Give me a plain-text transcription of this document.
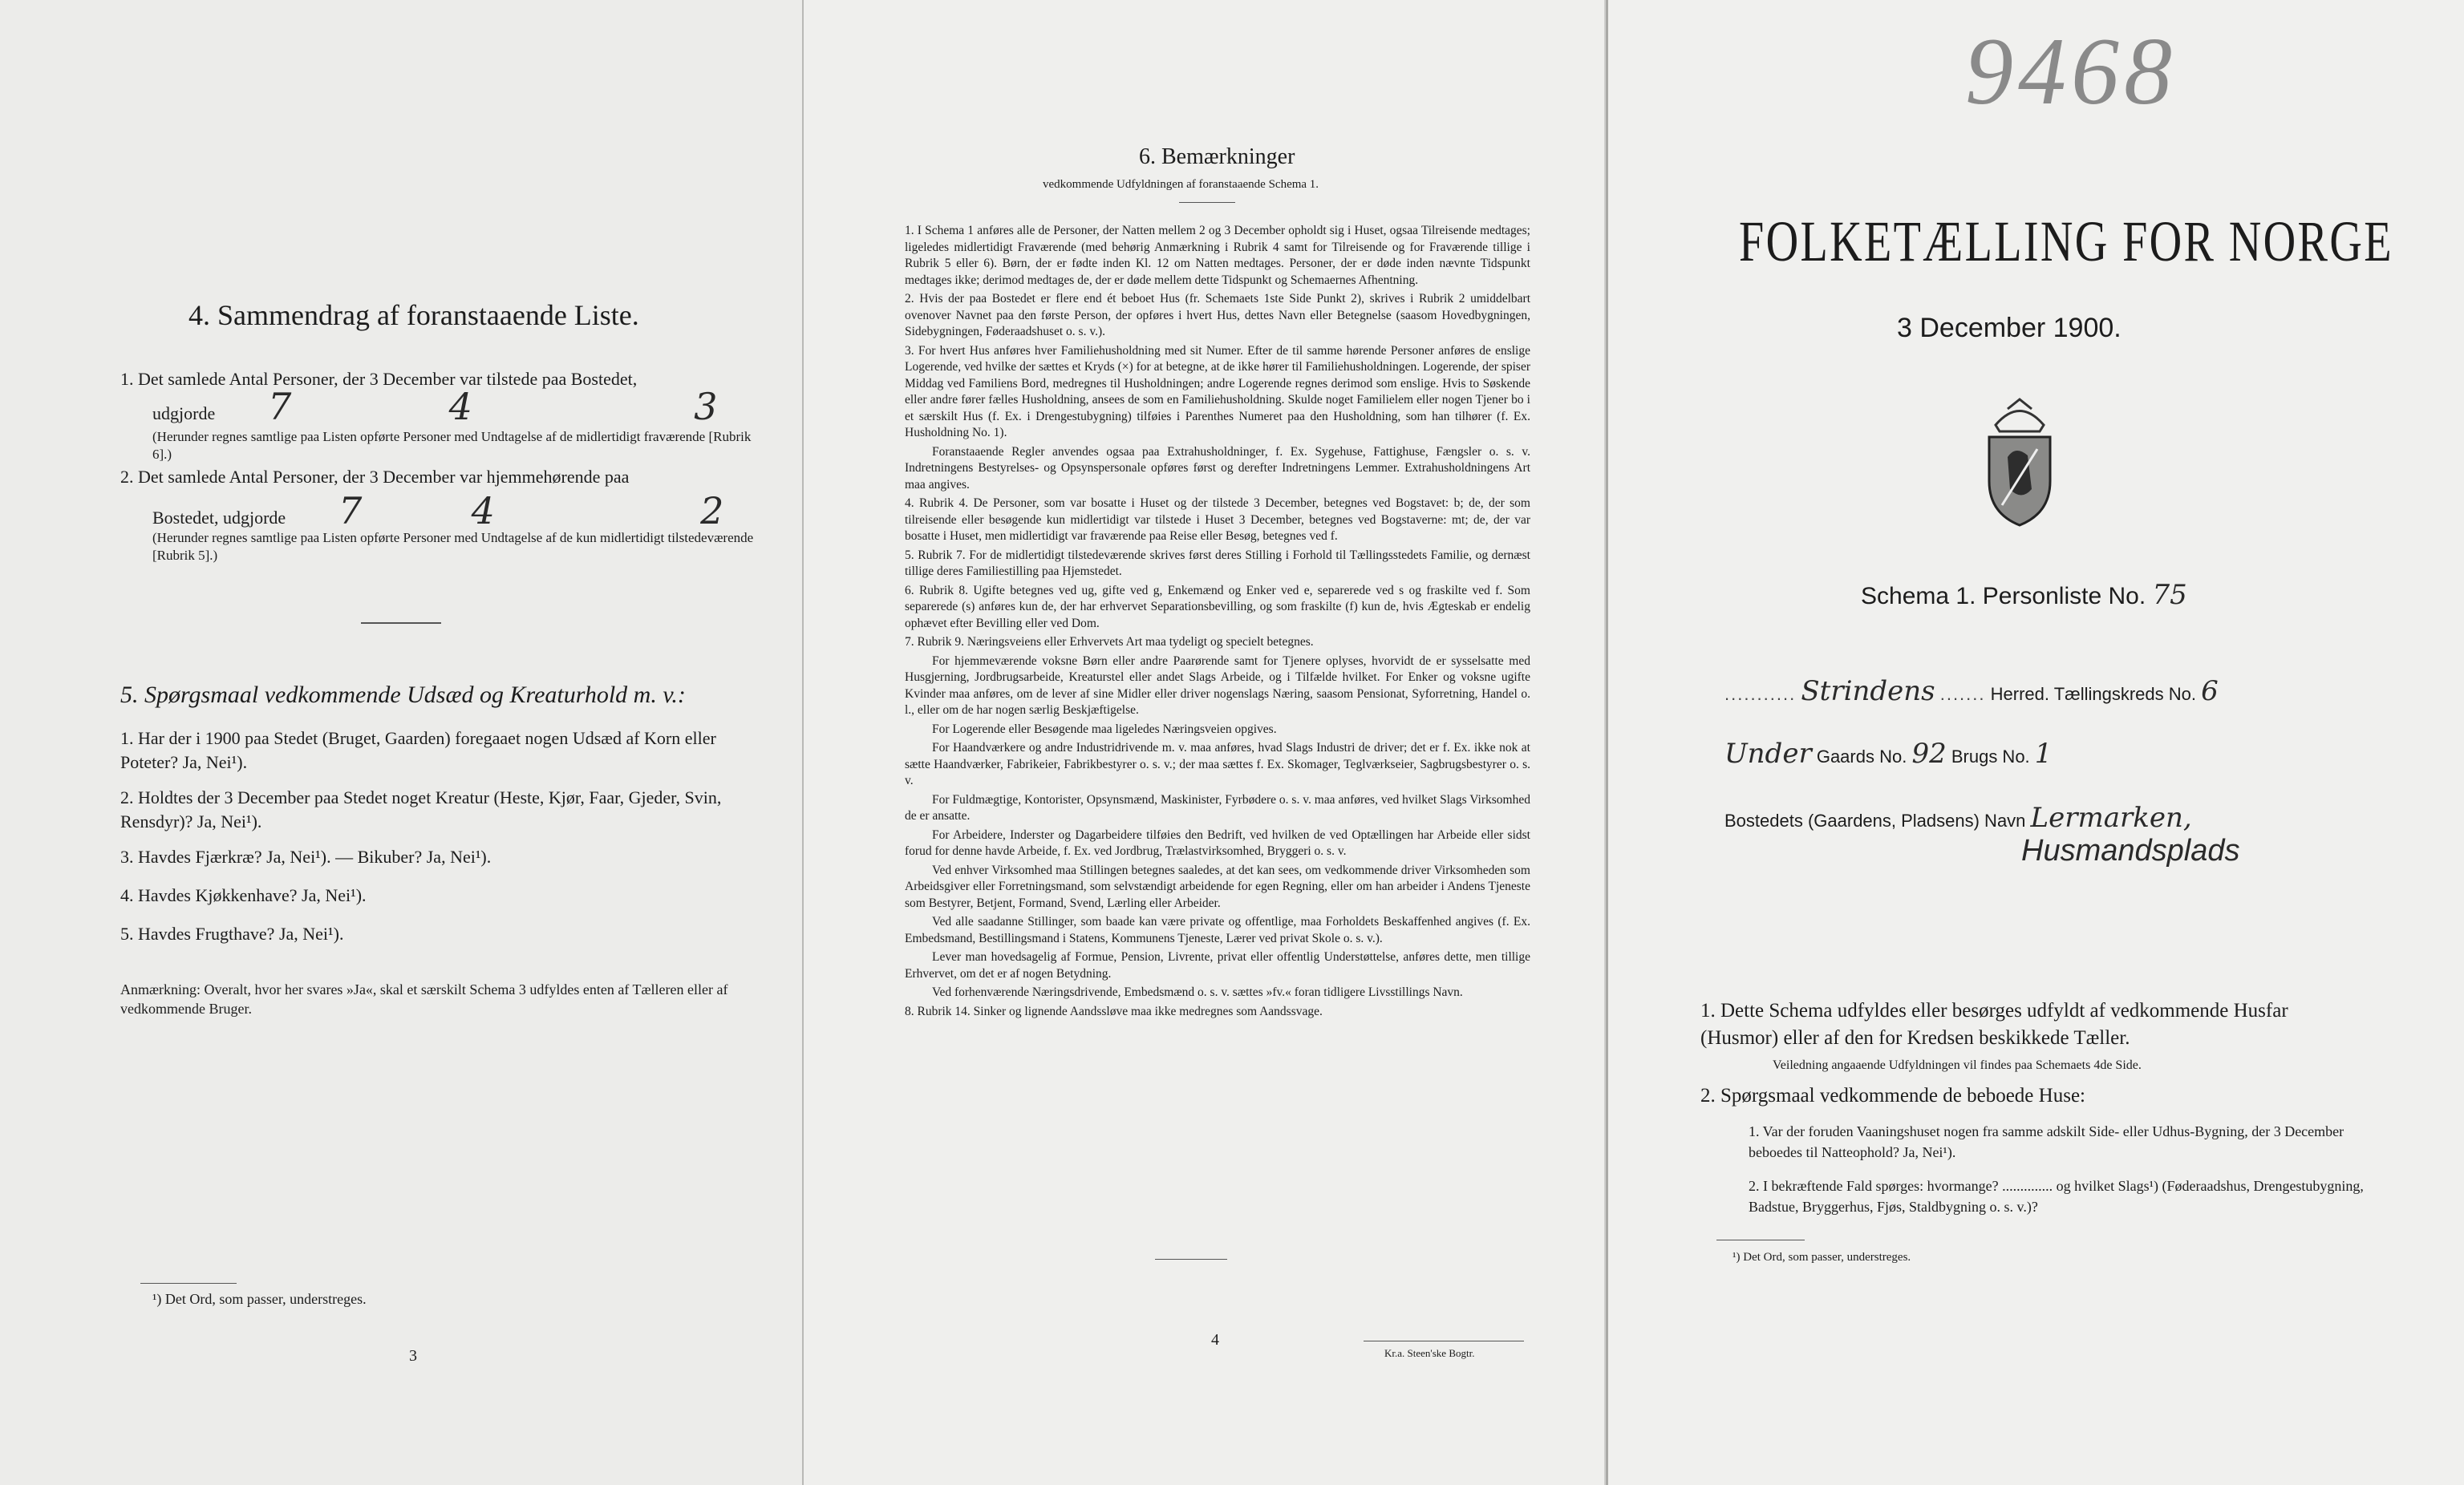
4. Sammendrag af foranstaaende Liste.
1. Det samlede Antal Personer, der 3 December var tilstede paa Bostedet,
udgjorde 7	4	3
(Herunder regnes samtlige paa Listen opførte Personer med Undtagelse af de midlertidigt fraværende [Rubrik 6].)
2. Det samlede Antal Personer, der 3 December var hjemmehørende paa
Bostedet, udgjorde 7	4	2
(Herunder regnes samtlige paa Listen opførte Personer med Undtagelse af de kun midlertidigt tilstedeværende [Rubrik 5].)
5. Spørgsmaal vedkommende Udsæd og Kreaturhold m. v.:
1. Har der i 1900 paa Stedet (Bruget, Gaarden) foregaaet nogen Udsæd af Korn eller Poteter? Ja, Nei¹).
2. Holdtes der 3 December paa Stedet noget Kreatur (Heste, Kjør, Faar, Gjeder, Svin, Rensdyr)? Ja, Nei¹).
3. Havdes Fjærkræ? Ja, Nei¹). — Bikuber? Ja, Nei¹).
4. Havdes Kjøkkenhave? Ja, Nei¹).
5. Havdes Frugthave? Ja, Nei¹).
Anmærkning: Overalt, hvor her svares »Ja«, skal et særskilt Schema 3 udfyldes enten af Tælleren eller af vedkommende Bruger.
¹) Det Ord, som passer, understreges.
3
6. Bemærkninger
vedkommende Udfyldningen af foranstaaende Schema 1.
1. I Schema 1 anføres alle de Personer, der Natten mellem 2 og 3 December opholdt sig i Huset, ogsaa Tilreisende medtages; ligeledes midlertidigt Fraværende (med behørig Anmærkning i Rubrik 4 samt for Tilreisende og for Fraværende tillige i Rubrik 5 eller 6). Børn, der er fødte inden Kl. 12 om Natten medtages. Personer, der er døde inden nævnte Tidspunkt medtages ikke; derimod medtages de, der er døde mellem dette Tidspunkt og Schemaernes Afhentning.
2. Hvis der paa Bostedet er flere end ét beboet Hus (fr. Schemaets 1ste Side Punkt 2), skrives i Rubrik 2 umiddelbart ovenover Navnet paa den første Person, der opføres i hvert Hus, dettes Navn eller Betegnelse (saasom Hovedbygningen, Sidebygningen, Føderaadshuset o. s. v.).
3. For hvert Hus anføres hver Familiehusholdning med sit Numer. Efter de til samme hørende Personer anføres de enslige Logerende, ved hvilke der sættes et Kryds (×) for at betegne, at de ikke hører til Familiehusholdningen. Logerende, der spiser Middag ved Familiens Bord, medregnes til Husholdningen; andre Logerende regnes derimod som enslige. Hvis to Søskende eller andre fører fælles Husholdning, ansees de som en Familiehusholdning. Skulde noget Familielem eller nogen Tjener bo i et særskilt Hus (f. Ex. i Drengestubygning) tilføies i Parenthes Numeret paa den Husholdning, som han tilhører (f. Ex. Husholdning No. 1).
Foranstaaende Regler anvendes ogsaa paa Extrahusholdninger, f. Ex. Sygehuse, Fattighuse, Fængsler o. s. v. Indretningens Bestyrelses- og Opsynspersonale opføres først og derefter Indretningens Lemmer. Extrahusholdningens Art maa angives.
4. Rubrik 4. De Personer, som var bosatte i Huset og der tilstede 3 December, betegnes ved Bogstavet: b; de, der som tilreisende eller besøgende kun midlertidigt var tilstede i Huset 3 December, betegnes ved Bogstaverne: mt; de, der var bosatte i Huset, men midlertidigt var fraværende paa Reise eller Besøg, betegnes ved f.
5. Rubrik 7. For de midlertidigt tilstedeværende skrives først deres Stilling i Forhold til Tællingsstedets Familie, og dernæst tillige deres Familiestilling paa Hjemstedet.
6. Rubrik 8. Ugifte betegnes ved ug, gifte ved g, Enkemænd og Enker ved e, separerede ved s og fraskilte ved f. Som separerede (s) anføres kun de, der har erhvervet Separationsbevilling, og som fraskilte (f) kun de, hvis Ægteskab er endelig ophævet efter Bevilling eller ved Dom.
7. Rubrik 9. Næringsveiens eller Erhvervets Art maa tydeligt og specielt betegnes.
For hjemmeværende voksne Børn eller andre Paarørende samt for Tjenere oplyses, hvorvidt de er sysselsatte med Husgjerning, Jordbrugsarbeide, Kreaturstel eller andet Slags Arbeide, og i Tilfælde hvilket. For Enker og voksne ugifte Kvinder maa anføres, om de lever af sine Midler eller driver nogenslags Næring, saasom Pensionat, Syforretning, Handel o. l., eller om de har nogen særlig Beskjæftigelse.
For Logerende eller Besøgende maa ligeledes Næringsveien opgives.
For Haandværkere og andre Industridrivende m. v. maa anføres, hvad Slags Industri de driver; det er f. Ex. ikke nok at sætte Haandværker, Fabrikeier, Fabrikbestyrer o. s. v.; der maa sættes f. Ex. Skomager, Teglværkseier, Sagbrugsbestyrer o. s. v.
For Fuldmægtige, Kontorister, Opsynsmænd, Maskinister, Fyrbødere o. s. v. maa anføres, ved hvilket Slags Virksomhed de er ansatte.
For Arbeidere, Inderster og Dagarbeidere tilføies den Bedrift, ved hvilken de ved Optællingen har Arbeide eller sidst forud for denne havde Arbeide, f. Ex. ved Jordbrug, Trælastvirksomhed, Bryggeri o. s. v.
Ved enhver Virksomhed maa Stillingen betegnes saaledes, at det kan sees, om vedkommende driver Virksomheden som Arbeidsgiver eller Forretningsmand, som selvstændigt arbeidende for egen Regning, eller om han arbeider i Andens Tjeneste som Bestyrer, Betjent, Formand, Svend, Lærling eller Arbeider.
Ved alle saadanne Stillinger, som baade kan være private og offentlige, maa Forholdets Beskaffenhed angives (f. Ex. Embedsmand, Bestillingsmand i Statens, Kommunens Tjeneste, Lærer ved privat Skole o. s. v.).
Lever man hovedsagelig af Formue, Pension, Livrente, privat eller offentlig Understøttelse, anføres dette, men tillige Erhvervet, om det er af nogen Betydning.
Ved forhenværende Næringsdrivende, Embedsmænd o. s. v. sættes »fv.« foran tidligere Livsstillings Navn.
8. Rubrik 14. Sinker og lignende Aandssløve maa ikke medregnes som Aandssvage.
4
Kr.a. Steen'ske Bogtr.
9468
FOLKETÆLLING FOR NORGE
3 December 1900.
Schema 1. Personliste No. 75
........... Strindens ....... Herred. Tællingskreds No. 6
Under Gaards No. 92 Brugs No. 1
Bostedets (Gaardens, Pladsens) Navn Lermarken,
Husmandsplads
1. Dette Schema udfyldes eller besørges udfyldt af vedkommende Husfar (Husmor) eller af den for Kredsen beskikkede Tæller.
Veiledning angaaende Udfyldningen vil findes paa Schemaets 4de Side.
2. Spørgsmaal vedkommende de beboede Huse:
1. Var der foruden Vaaningshuset nogen fra samme adskilt Side- eller Udhus-Bygning, der 3 December beboedes til Natteophold? Ja, Nei¹).
2. I bekræftende Fald spørges: hvormange? .............. og hvilket Slags¹) (Føderaadshus, Drengestubygning, Badstue, Bryggerhus, Fjøs, Staldbygning o. s. v.)?
¹) Det Ord, som passer, understreges.
